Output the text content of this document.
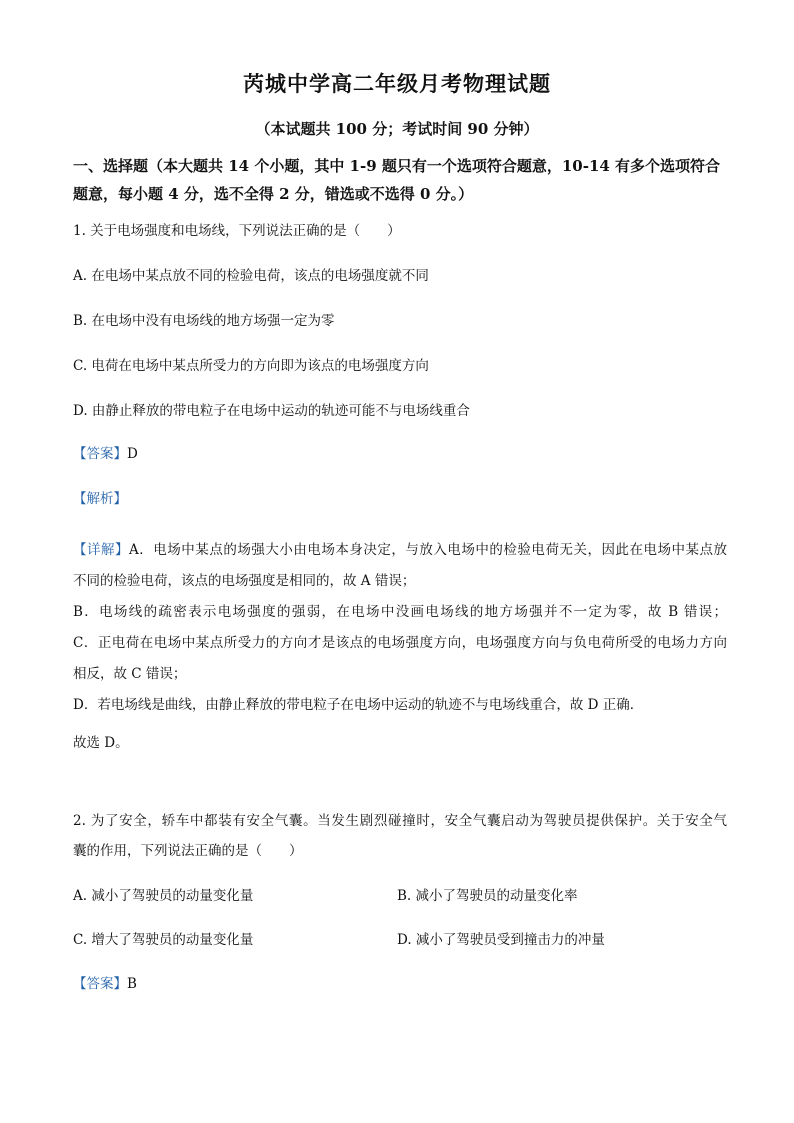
芮城中学高二年级月考物理试题
（本试题共 100 分；考试时间 90 分钟）
一、选择题（本大题共 14 个小题，其中 1-9 题只有一个选项符合题意，10-14 有多个选项符合题意，每小题 4 分，选不全得 2 分，错选或不选得 0 分。）
1. 关于电场强度和电场线，下列说法正确的是（　　）
A. 在电场中某点放不同的检验电荷，该点的电场强度就不同
B. 在电场中没有电场线的地方场强一定为零
C. 电荷在电场中某点所受力的方向即为该点的电场强度方向
D. 由静止释放的带电粒子在电场中运动的轨迹可能不与电场线重合
【答案】D
【解析】

【详解】A．电场中某点的场强大小由电场本身决定，与放入电场中的检验电荷无关，因此在电场中某点放

不同的检验电荷，该点的电场强度是相同的，故 A 错误；

B．电场线的疏密表示电场强度的强弱，在电场中没画电场线的地方场强并不一定为零，故 B 错误；

C．正电荷在电场中某点所受力的方向才是该点的电场强度方向，电场强度方向与负电荷所受的电场力方向

相反，故 C 错误；

D．若电场线是曲线，由静止释放的带电粒子在电场中运动的轨迹不与电场线重合，故 D 正确．

故选 D。
2. 为了安全，轿车中都装有安全气囊。当发生剧烈碰撞时，安全气囊启动为驾驶员提供保护。关于安全气
囊的作用，下列说法正确的是（　　）
A. 减小了驾驶员的动量变化量	B. 减小了驾驶员的动量变化率
C. 增大了驾驶员的动量变化量	D. 减小了驾驶员受到撞击力的冲量
【答案】B
